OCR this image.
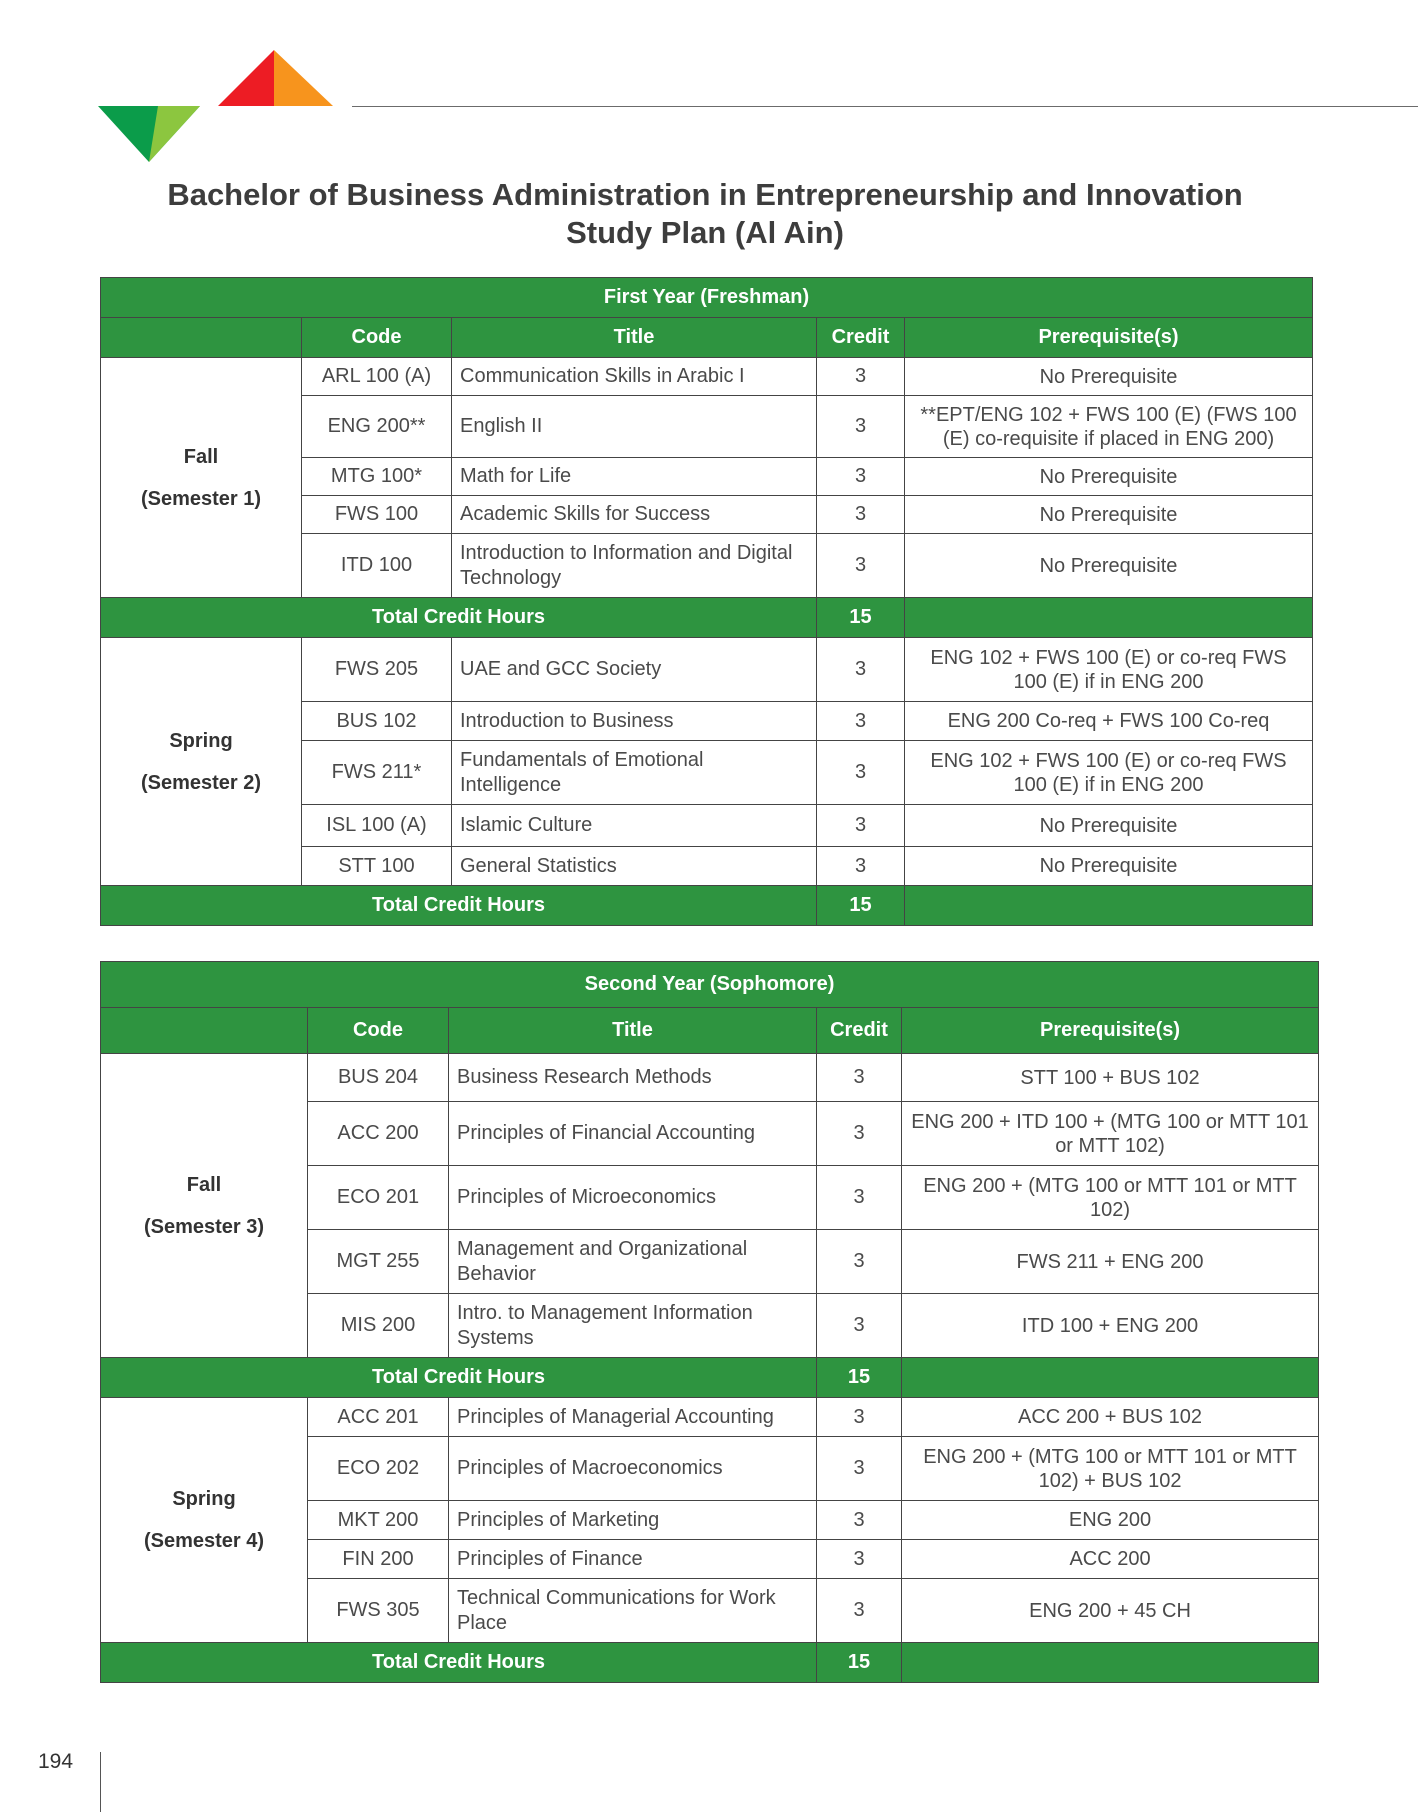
Bachelor of Business Administration in Entrepreneurship and Innovation
Study Plan (Al Ain)
First Year (Freshman)				
	Code	Title	Credit	Prerequisite(s)

Fall
(Semester 1)	ARL 100 (A)	Communication Skills in Arabic I	3	No Prerequisite
	ENG 200**	English II	3	**EPT/ENG 102 + FWS 100 (E) (FWS 100 (E) co-requisite if placed in ENG 200)
	MTG 100*	Math for Life	3	No Prerequisite
	FWS 100	Academic Skills for Success	3	No Prerequisite
	ITD 100	Introduction to Information and Digital Technology	3	No Prerequisite
Total Credit Hours			15	

Spring
(Semester 2)	FWS 205	UAE and GCC Society	3	ENG 102 + FWS 100 (E) or co-req FWS 100 (E) if in ENG 200
	BUS 102	Introduction to Business	3	ENG 200 Co-req + FWS 100 Co-req
	FWS 211*	Fundamentals of Emotional Intelligence	3	ENG 102 + FWS 100 (E) or co-req FWS 100 (E) if in ENG 200
	ISL 100 (A)	Islamic Culture	3	No Prerequisite
	STT 100	General Statistics	3	No Prerequisite
Total Credit Hours			15	
Second Year (Sophomore)				
	Code	Title	Credit	Prerequisite(s)

Fall
(Semester 3)	BUS 204	Business Research Methods	3	STT 100 + BUS 102
	ACC 200	Principles of Financial Accounting	3	ENG 200 + ITD 100 + (MTG 100 or MTT 101 or MTT 102)
	ECO 201	Principles of Microeconomics	3	ENG 200 + (MTG 100 or MTT 101 or MTT 102)
	MGT 255	Management and Organizational Behavior	3	FWS 211 + ENG 200
	MIS 200	Intro. to Management Information Systems	3	ITD 100 + ENG 200
Total Credit Hours			15	

Spring
(Semester 4)	ACC 201	Principles of Managerial Accounting	3	ACC 200 + BUS 102
	ECO 202	Principles of Macroeconomics	3	ENG 200 + (MTG 100 or MTT 101 or MTT 102) + BUS 102
	MKT 200	Principles of Marketing	3	ENG 200
	FIN 200	Principles of Finance	3	ACC 200
	FWS 305	Technical Communications for Work Place	3	ENG 200 + 45 CH
Total Credit Hours			15	
194
